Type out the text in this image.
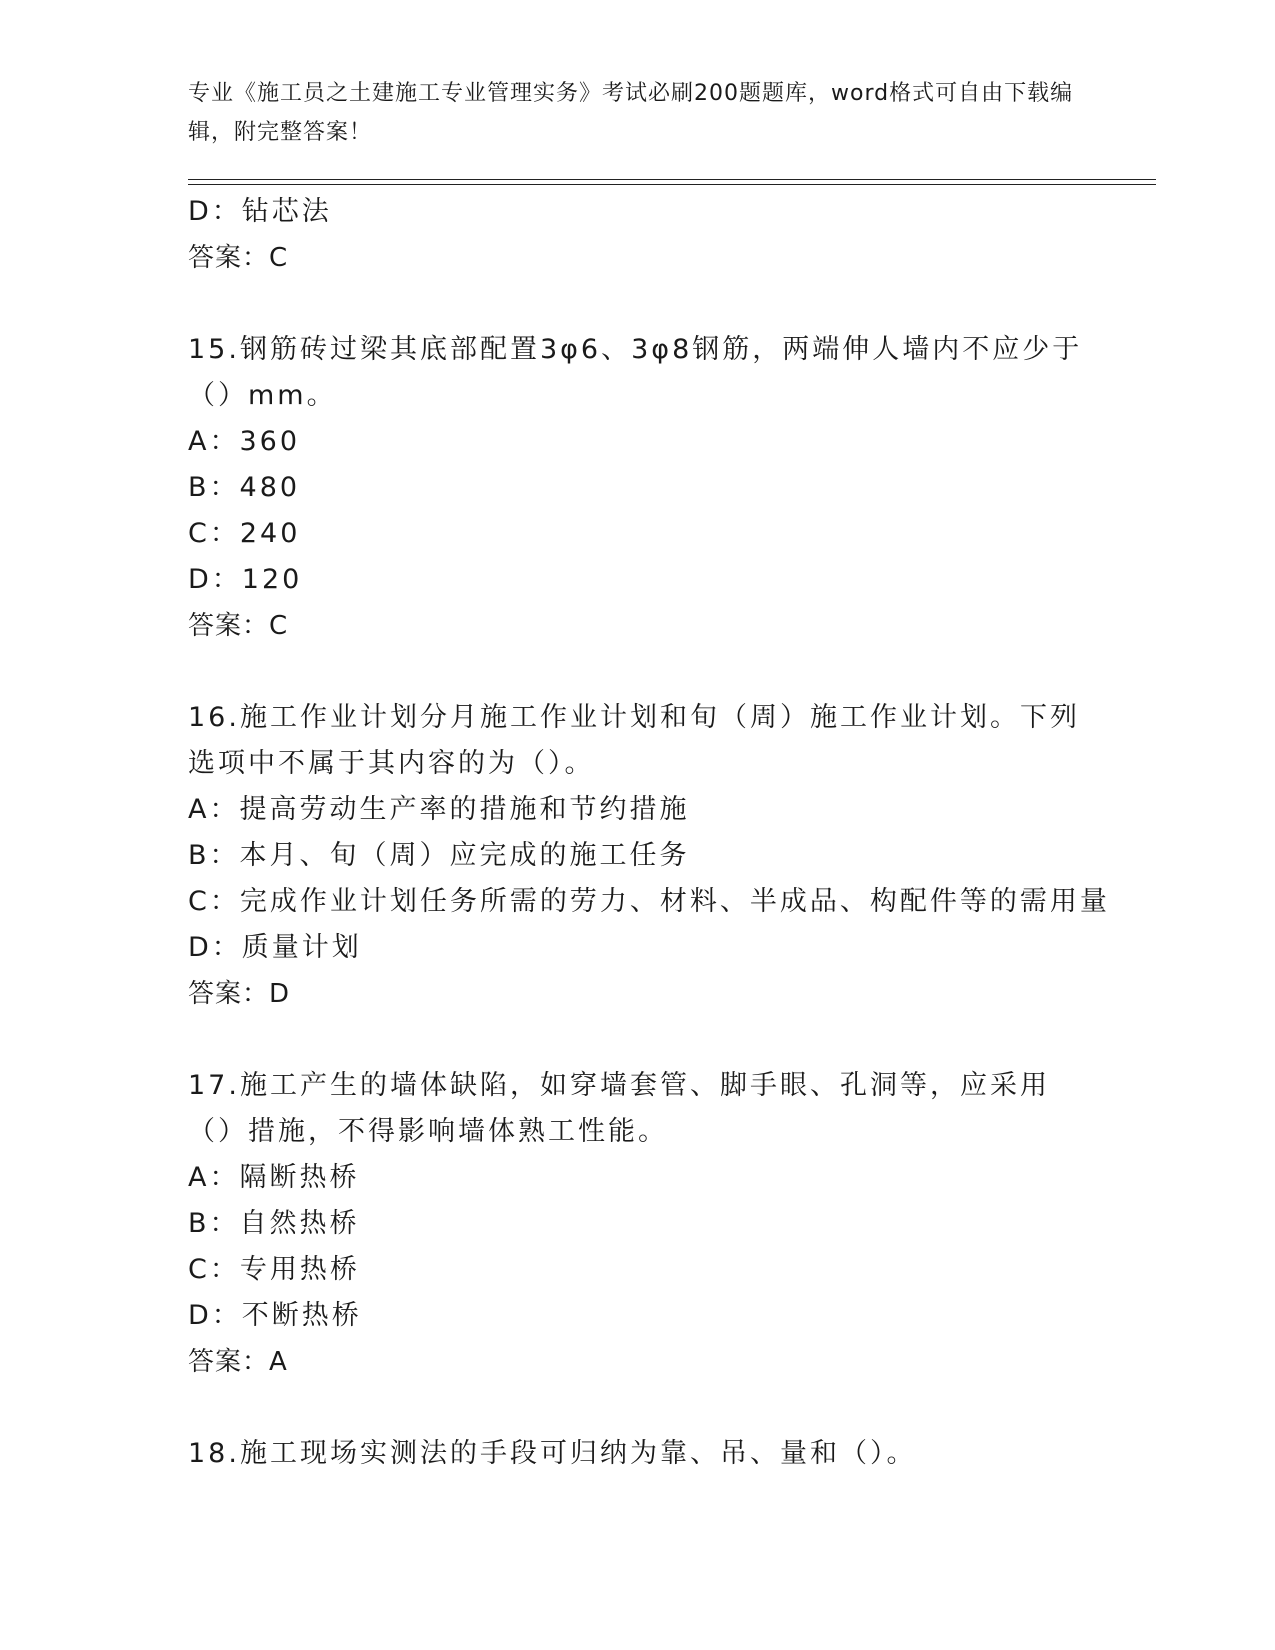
专业《施工员之土建施工专业管理实务》考试必刷200题题库，word格式可自由下载编辑，附完整答案！
D：钻芯法
答案：C
15.钢筋砖过梁其底部配置3φ6、3φ8钢筋，两端伸人墙内不应少于（）mm。
A：360
B：480
C：240
D：120
答案：C
16.施工作业计划分月施工作业计划和旬（周）施工作业计划。下列选项中不属于其内容的为（）。
A：提高劳动生产率的措施和节约措施
B：本月、旬（周）应完成的施工任务
C：完成作业计划任务所需的劳力、材料、半成品、构配件等的需用量
D：质量计划
答案：D
17.施工产生的墙体缺陷，如穿墙套管、脚手眼、孔洞等，应采用（）措施，不得影响墙体熟工性能。
A：隔断热桥
B：自然热桥
C：专用热桥
D：不断热桥
答案：A
18.施工现场实测法的手段可归纳为靠、吊、量和（）。
